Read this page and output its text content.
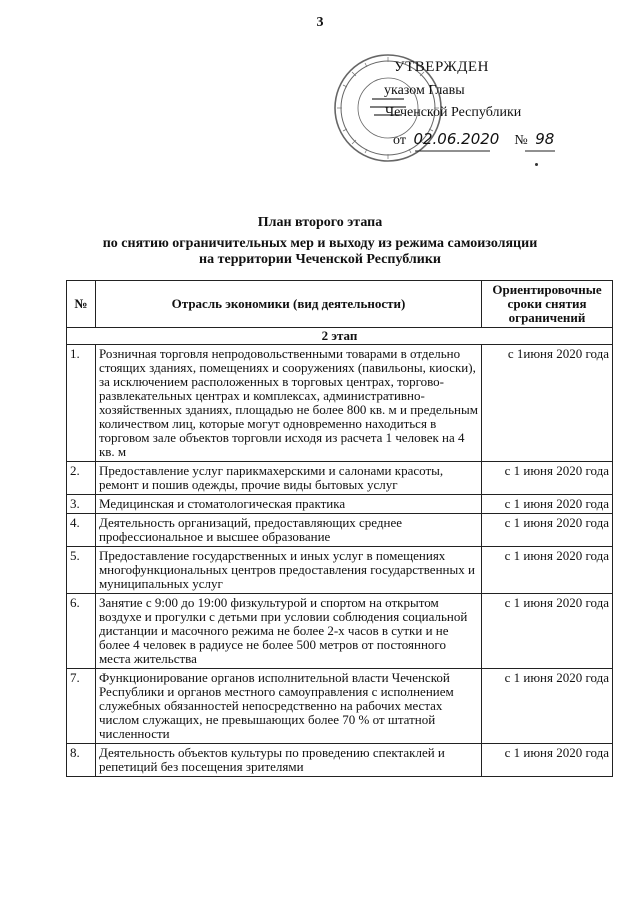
3
УТВЕРЖДЕН
указом Главы
Чеченской Республики
от 02.06.2020 № 98
План второго этапа
по снятию ограничительных мер и выходу из режима самоизоляции
на территории Чеченской Республики
№	Отрасль экономики (вид деятельности)	Ориентировочные сроки снятия ограничений
2 этап		
1.	Розничная торговля непродовольственными товарами в отдельно стоящих зданиях, помещениях и сооружениях (павильоны, киоски), за исключением расположенных в торговых центрах, торгово-развлекательных центрах и комплексах, административно-хозяйственных зданиях, площадью не более 800 кв. м и предельным количеством лиц, которые могут одновременно находиться в торговом зале объектов торговли исходя из расчета 1 человек на 4 кв. м	с 1июня 2020 года
2.	Предоставление услуг парикмахерскими и салонами красоты, ремонт и пошив одежды, прочие виды бытовых услуг	с 1 июня 2020 года
3.	Медицинская и стоматологическая практика	с 1 июня 2020 года
4.	Деятельность организаций, предоставляющих среднее профессиональное и высшее образование	с 1 июня 2020 года
5.	Предоставление государственных и иных услуг в помещениях многофункциональных центров предоставления государственных и муниципальных услуг	с 1 июня 2020 года
6.	Занятие с 9:00 до 19:00 физкультурой и спортом на открытом воздухе и прогулки с детьми при условии соблюдения социальной дистанции и масочного режима не более 2-х часов в сутки и не более 4 человек в радиусе не более 500 метров от постоянного места жительства	с 1 июня 2020 года
7.	Функционирование органов исполнительной власти Чеченской Республики и органов местного самоуправления с исполнением служебных обязанностей непосредственно на рабочих местах числом служащих, не превышающих более 70 % от штатной численности	с 1 июня 2020 года
8.	Деятельность объектов культуры по проведению спектаклей и репетиций без посещения зрителями	с 1 июня 2020 года
